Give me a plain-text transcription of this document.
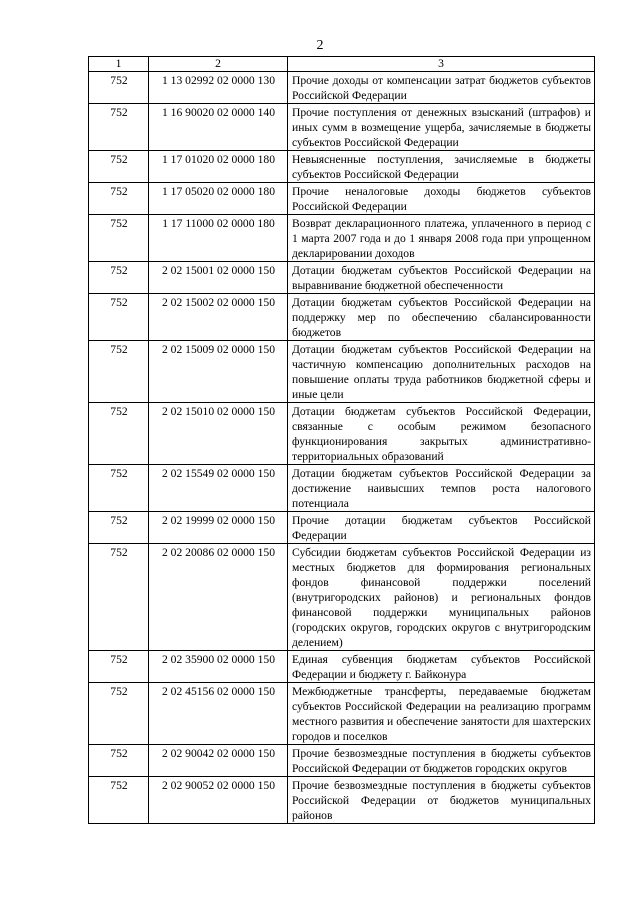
2
1	2	3
752	1 13 02992 02 0000 130	Прочие доходы от компенсации затрат бюджетов субъектов Российской Федерации
752	1 16 90020 02 0000 140	Прочие поступления от денежных взысканий (штрафов) и иных сумм в возмещение ущерба, зачисляемые в бюджеты субъектов Российской Федерации
752	1 17 01020 02 0000 180	Невыясненные поступления, зачисляемые в бюджеты субъектов Российской Федерации
752	1 17 05020 02 0000 180	Прочие неналоговые доходы бюджетов субъектов Российской Федерации
752	1 17 11000 02 0000 180	Возврат декларационного платежа, уплаченного в период с 1 марта 2007 года и до 1 января 2008 года при упрощенном декларировании доходов
752	2 02 15001 02 0000 150	Дотации бюджетам субъектов Российской Федерации на выравнивание бюджетной обеспеченности
752	2 02 15002 02 0000 150	Дотации бюджетам субъектов Российской Федерации на поддержку мер по обеспечению сбалансированности бюджетов
752	2 02 15009 02 0000 150	Дотации бюджетам субъектов Российской Федерации на частичную компенсацию дополнительных расходов на повышение оплаты труда работников бюджетной сферы и иные цели
752	2 02 15010 02 0000 150	Дотации бюджетам субъектов Российской Федерации, связанные с особым режимом безопасного функционирования закрытых административно-территориальных образований
752	2 02 15549 02 0000 150	Дотации бюджетам субъектов Российской Федерации за достижение наивысших темпов роста налогового потенциала
752	2 02 19999 02 0000 150	Прочие дотации бюджетам субъектов Российской Федерации
752	2 02 20086 02 0000 150	Субсидии бюджетам субъектов Российской Федерации из местных бюджетов для формирования региональных фондов финансовой поддержки поселений (внутригородских районов) и региональных фондов финансовой поддержки муниципальных районов (городских округов, городских округов с внутригородским делением)
752	2 02 35900 02 0000 150	Единая субвенция бюджетам субъектов Российской Федерации и бюджету г. Байконура
752	2 02 45156 02 0000 150	Межбюджетные трансферты, передаваемые бюджетам субъектов Российской Федерации на реализацию программ местного развития и обеспечение занятости для шахтерских городов и поселков
752	2 02 90042 02 0000 150	Прочие безвозмездные поступления в бюджеты субъектов Российской Федерации от бюджетов городских округов
752	2 02 90052 02 0000 150	Прочие безвозмездные поступления в бюджеты субъектов Российской Федерации от бюджетов муниципальных районов
